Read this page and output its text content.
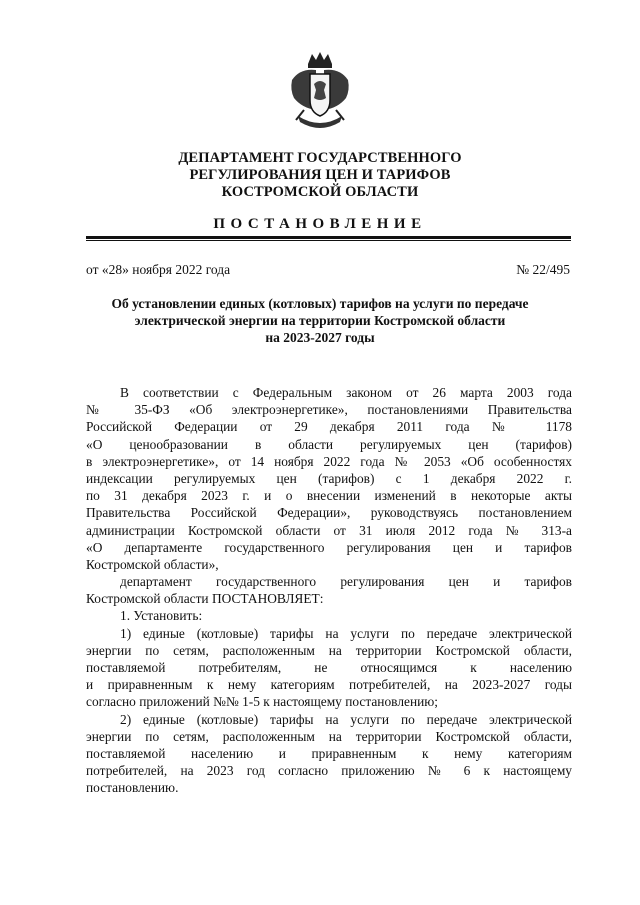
ДЕПАРТАМЕНТ ГОСУДАРСТВЕННОГО
РЕГУЛИРОВАНИЯ ЦЕН И ТАРИФОВ
КОСТРОМСКОЙ ОБЛАСТИ
ПОСТАНОВЛЕНИЕ
от «28» ноября 2022 года	№ 22/495
Об установлении единых (котловых) тарифов на услуги по передаче
электрической энергии на территории Костромской области
на 2023-2027 годы
В соответствии с Федеральным законом от 26 марта 2003 года
№ 35-ФЗ «Об электроэнергетике», постановлениями Правительства
Российской Федерации от 29 декабря 2011 года № 1178
«О ценообразовании в области регулируемых цен (тарифов)
в электроэнергетике», от 14 ноября 2022 года № 2053 «Об особенностях
индексации регулируемых цен (тарифов) с 1 декабря 2022 г.
по 31 декабря 2023 г. и о внесении изменений в некоторые акты
Правительства Российской Федерации», руководствуясь постановлением
администрации Костромской области от 31 июля 2012 года № 313-а
«О департаменте государственного регулирования цен и тарифов
Костромской области»,
департамент государственного регулирования цен и тарифов
Костромской области ПОСТАНОВЛЯЕТ:
1. Установить:
1) единые (котловые) тарифы на услуги по передаче электрической
энергии по сетям, расположенным на территории Костромской области,
поставляемой потребителям, не относящимся к населению
и приравненным к нему категориям потребителей, на 2023-2027 годы
согласно приложений №№ 1-5 к настоящему постановлению;
2) единые (котловые) тарифы на услуги по передаче электрической
энергии по сетям, расположенным на территории Костромской области,
поставляемой населению и приравненным к нему категориям
потребителей, на 2023 год согласно приложению № 6 к настоящему
постановлению.
